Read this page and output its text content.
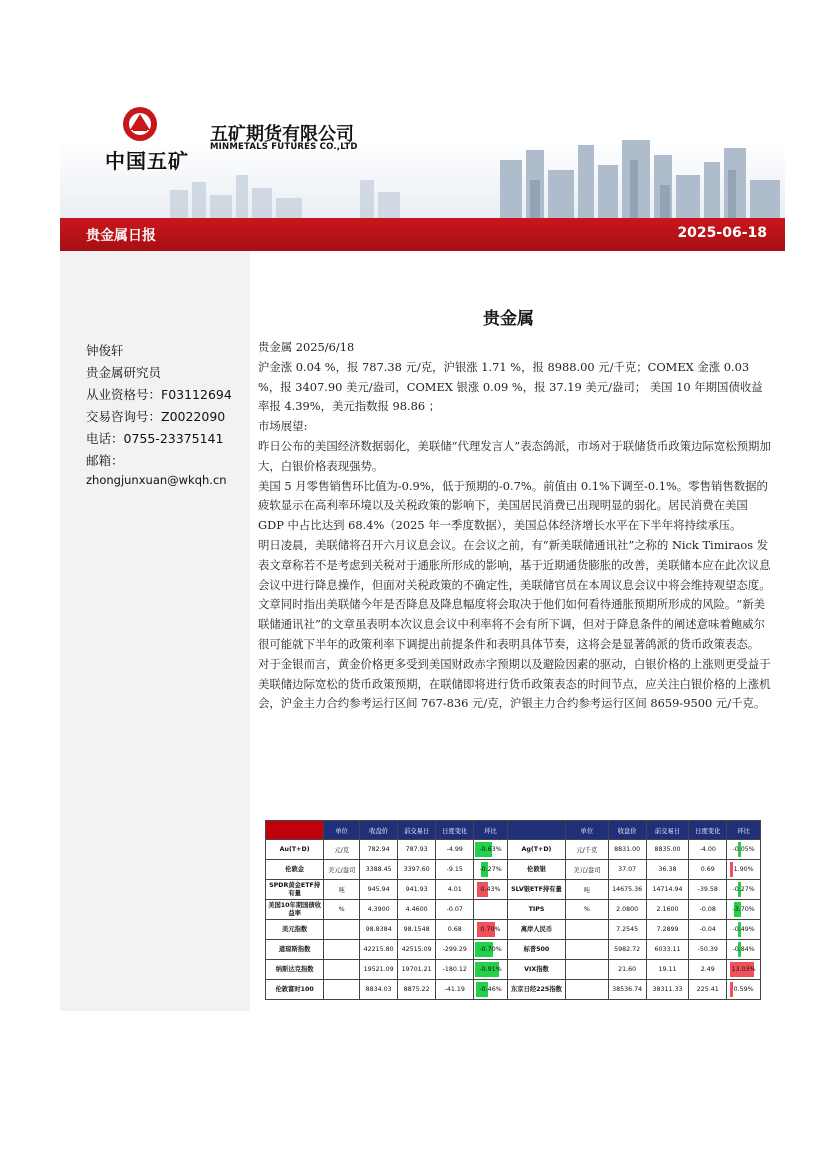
中国五矿
五矿期货有限公司
MINMETALS FUTURES CO.,LTD
贵金属日报	2025-06-18
钟俊轩
贵金属研究员
从业资格号：F03112694
交易咨询号：Z0022090
电话：0755-23375141
邮箱：
zhongjunxuan@wkqh.cn
贵金属

贵金属 2025/6/18

沪金涨 0.04 %，报 787.38 元/克，沪银涨 1.71 %，报 8988.00 元/千克；COMEX 金涨 0.03 %，报 3407.90 美元/盎司，COMEX 银涨 0.09 %，报 37.19 美元/盎司； 美国 10 年期国债收益率报 4.39%，美元指数报 98.86 ；

市场展望:

昨日公布的美国经济数据弱化，美联储“代理发言人”表态鸽派，市场对于联储货币政策边际宽松预期加大，白银价格表现强势。

美国 5 月零售销售环比值为-0.9%，低于预期的-0.7%。前值由 0.1%下调至-0.1%。零售销售数据的疲软显示在高利率环境以及关税政策的影响下，美国居民消费已出现明显的弱化。居民消费在美国 GDP 中占比达到 68.4%（2025 年一季度数据），美国总体经济增长水平在下半年将持续承压。

明日凌晨，美联储将召开六月议息会议。在会议之前，有“新美联储通讯社”之称的 Nick Timiraos 发表文章称若不是考虑到关税对于通胀所形成的影响，基于近期通货膨胀的改善，美联储本应在此次议息会议中进行降息操作，但面对关税政策的不确定性，美联储官员在本周议息会议中将会维持观望态度。文章同时指出美联储今年是否降息及降息幅度将会取决于他们如何看待通胀预期所形成的风险。“新美联储通讯社”的文章虽表明本次议息会议中利率将不会有所下调，但对于降息条件的阐述意味着鲍威尔很可能就下半年的政策利率下调提出前提条件和表明具体节奏，这将会是显著鸽派的货币政策表态。

对于金银而言，黄金价格更多受到美国财政赤字预期以及避险因素的驱动，白银价格的上涨则更受益于美联储边际宽松的货币政策预期，在联储即将进行货币政策表态的时间节点，应关注白银价格的上涨机会，沪金主力合约参考运行区间 767-836 元/克，沪银主力合约参考运行区间 8659-9500 元/千克。

	单位	收盘价	前交易日	日度变化	环比		单位	收盘价	前交易日	日度变化	环比
Au(T+D)	元/克	782.94	787.93	-4.99	-0.63%	Ag(T+D)	元/千克	8831.00	8835.00	-4.00	-0.05%
伦敦金	美元/盎司	3388.45	3397.60	-9.15	-0.27%	伦敦银	美元/盎司	37.07	36.38	0.69	1.90%
SPDR黄金ETF持有量	吨	945.94	941.93	4.01	0.43%	SLV银ETF持有量	吨	14675.36	14714.94	-39.58	-0.27%
美国10年期国债收益率	%	4.3900	4.4600	-0.07		TIPS	%	2.0800	2.1600	-0.08	-3.70%
美元指数		98.8384	98.1548	0.68	0.70%	离岸人民币		7.2545	7.2899	-0.04	-0.49%
道琼斯指数		42215.80	42515.09	-299.29	-0.70%	标普500		5982.72	6033.11	-50.39	-0.84%
纳斯达克指数		19521.09	19701.21	-180.12	-0.91%	VIX指数		21.60	19.11	2.49	13.03%
伦敦富时100		8834.03	8875.22	-41.19	-0.46%	东京日经225指数		38536.74	38311.33	225.41	0.59%
